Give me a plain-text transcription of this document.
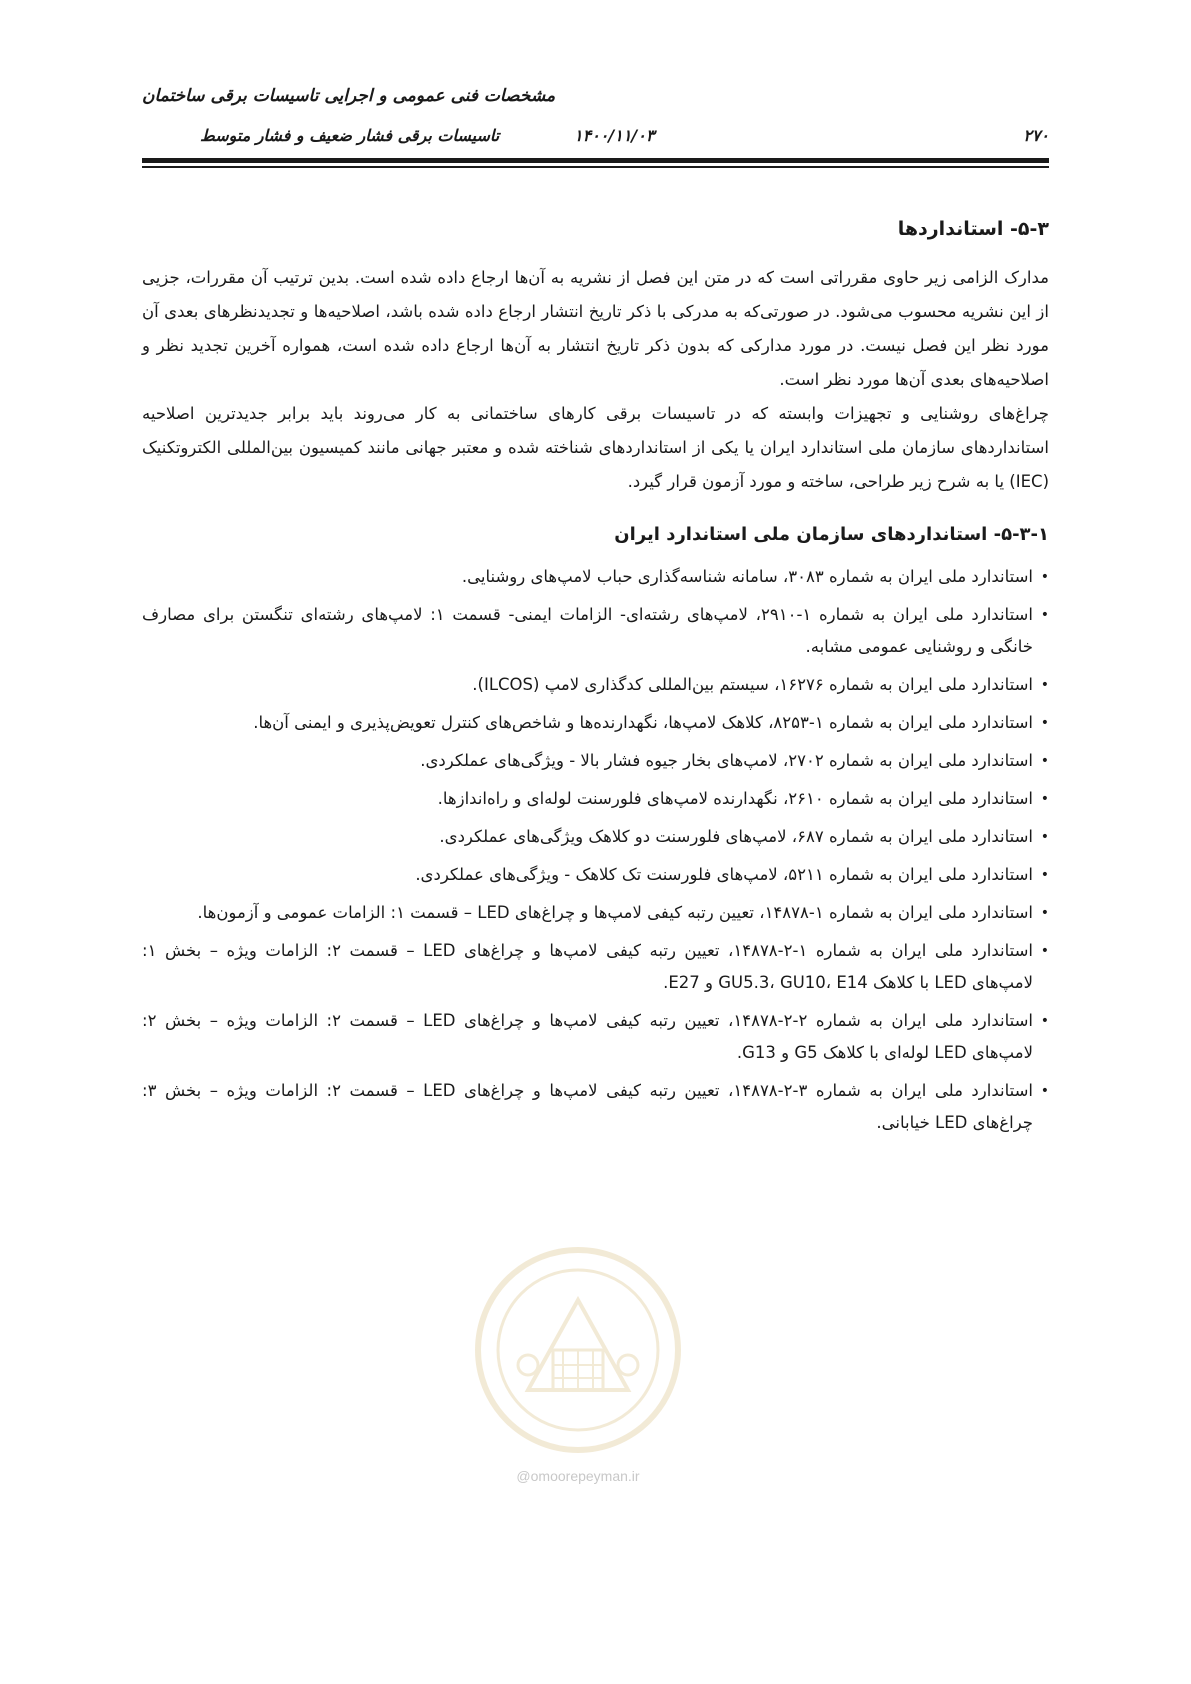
مشخصات فنی عمومی و اجرایی تاسیسات برقی ساختمان
تاسیسات برقی فشار ضعیف و فشار متوسط	۱۴۰۰/۱۱/۰۳	۲۷۰
@omoorepeyman.ir
۵-۳- استانداردها

مدارک الزامی زیر حاوی مقرراتی است که در متن این فصل از نشریه به آن‌ها ارجاع داده شده است. بدین ترتیب آن مقررات، جزیی از این نشریه محسوب می‌شود. در صورتی‌که به مدرکی با ذکر تاریخ انتشار ارجاع داده شده باشد، اصلاحیه‌ها و تجدیدنظرهای بعدی آن مورد نظر این فصل نیست. در مورد مدارکی که بدون ذکر تاریخ انتشار به آن‌ها ارجاع داده شده است، همواره آخرین تجدید نظر و اصلاحیه‌های بعدی آن‌ها مورد نظر است.

چراغ‌های روشنایی و تجهیزات وابسته که در تاسیسات برقی کارهای ساختمانی به کار می‌روند باید برابر جدیدترین اصلاحیه استانداردهای سازمان ملی استاندارد ایران یا یکی از استانداردهای شناخته شده و معتبر جهانی مانند کمیسیون بین‌المللی الکتروتکنیک (IEC) یا به شرح زیر طراحی، ساخته و مورد آزمون قرار گیرد.

۵-۳-۱- استانداردهای سازمان ملی استاندارد ایران
•
استاندارد ملی ایران به شماره ۳۰۸۳، سامانه شناسه‌گذاری حباب لامپ‌های روشنایی.
•
استاندارد ملی ایران به شماره ۱-۲۹۱۰، لامپ‌های رشته‌ای- الزامات ایمنی- قسمت ۱: لامپ‌های رشته‌ای تنگستن برای مصارف خانگی و روشنایی عمومی مشابه.
•
استاندارد ملی ایران به شماره ۱۶۲۷۶، سیستم بین‌المللی کدگذاری لامپ (ILCOS).
•
استاندارد ملی ایران به شماره ۱-۸۲۵۳، کلاهک لامپ‌ها، نگهدارنده‌ها و شاخص‌های کنترل تعویض‌پذیری و ایمنی آن‌ها.
•
استاندارد ملی ایران به شماره ۲۷۰۲، لامپ‌های بخار جیوه فشار بالا - ویژگی‌های عملکردی.
•
استاندارد ملی ایران به شماره ۲۶۱۰، نگهدارنده لامپ‌های فلورسنت لوله‌ای و راه‌اندازها.
•
استاندارد ملی ایران به شماره ۶۸۷، لامپ‌های فلورسنت دو کلاهک ویژگی‌های عملکردی.
•
استاندارد ملی ایران به شماره ۵۲۱۱، لامپ‌های فلورسنت تک کلاهک - ویژگی‌های عملکردی.
•
استاندارد ملی ایران به شماره ۱-۱۴۸۷۸، تعیین رتبه کیفی لامپ‌ها و چراغ‌های LED – قسمت ۱: الزامات عمومی و آزمون‌ها.
•
استاندارد ملی ایران به شماره ۱-۲-۱۴۸۷۸، تعیین رتبه کیفی لامپ‌ها و چراغ‌های LED – قسمت ۲: الزامات ویژه – بخش ۱: لامپ‌های LED با کلاهک GU5.3، GU10، E14 و E27.
•
استاندارد ملی ایران به شماره ۲-۲-۱۴۸۷۸، تعیین رتبه کیفی لامپ‌ها و چراغ‌های LED – قسمت ۲: الزامات ویژه – بخش ۲: لامپ‌های LED لوله‌ای با کلاهک G5 و G13.
•
استاندارد ملی ایران به شماره ۳-۲-۱۴۸۷۸، تعیین رتبه کیفی لامپ‌ها و چراغ‌های LED – قسمت ۲: الزامات ویژه – بخش ۳: چراغ‌های LED خیابانی.
